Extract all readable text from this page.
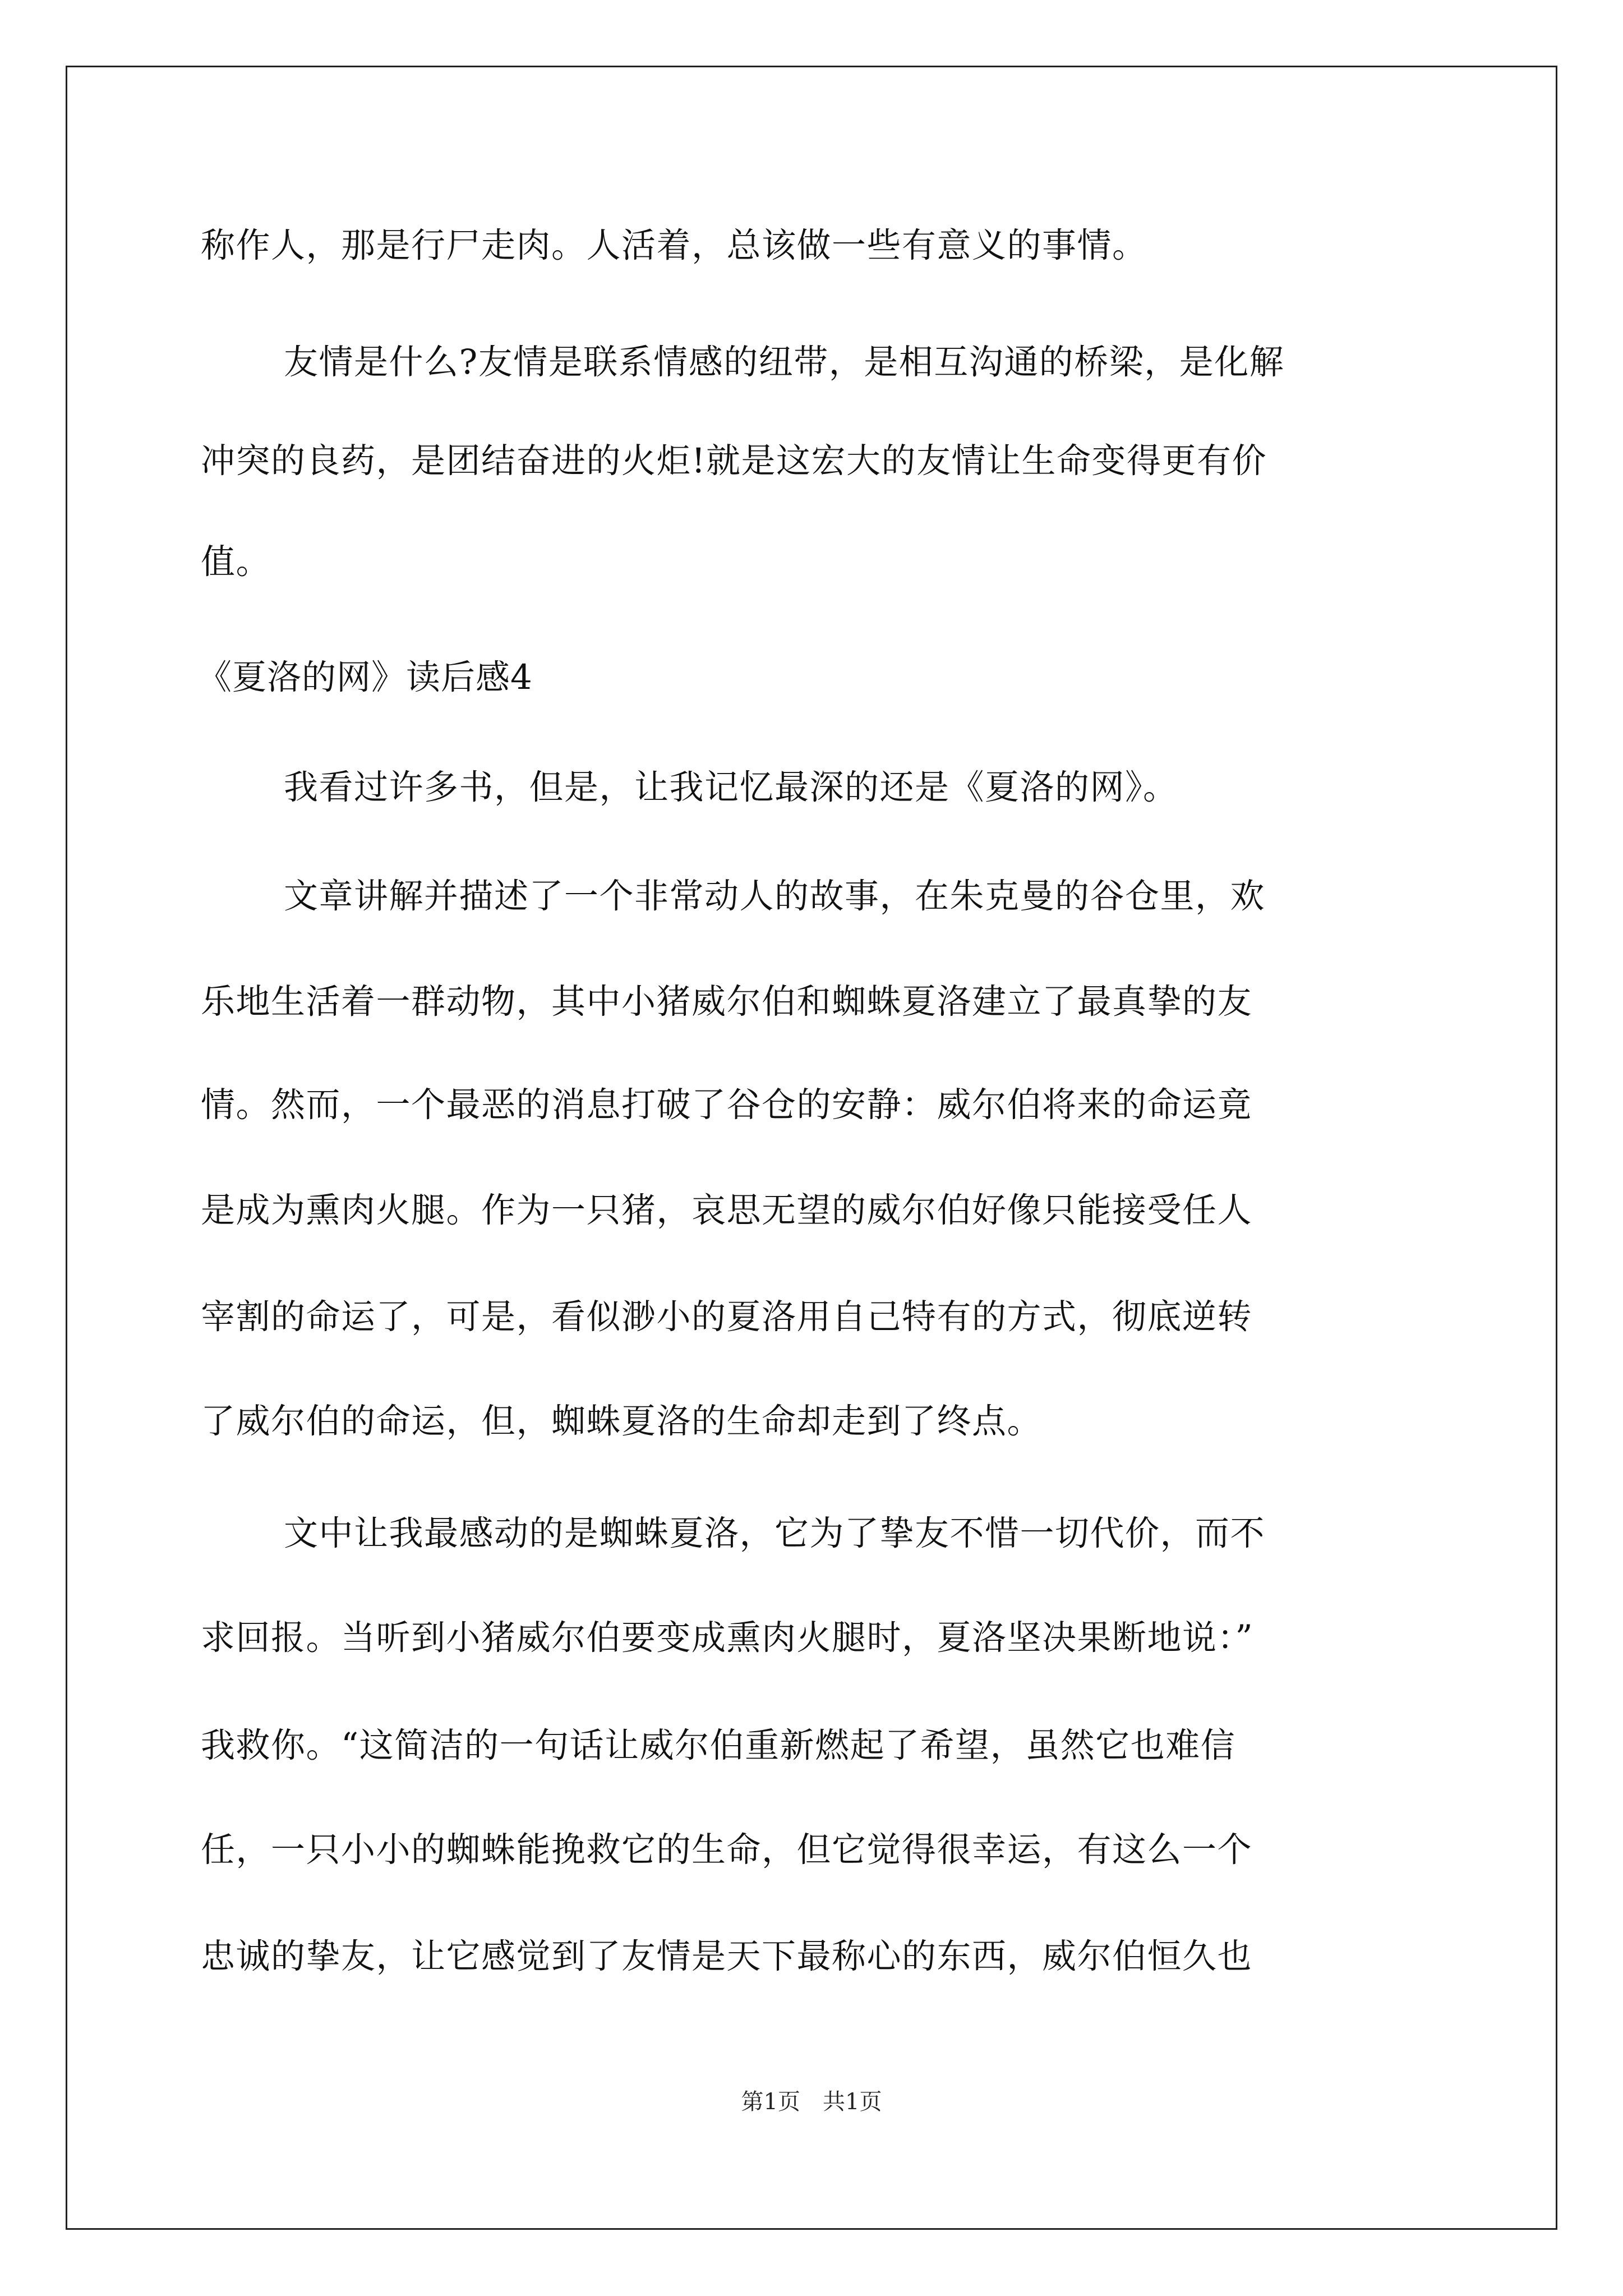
称作人，那是行尸走肉。人活着，总该做一些有意义的事情。
友情是什么?友情是联系情感的纽带，是相互沟通的桥梁，是化解
冲突的良药，是团结奋进的火炬!就是这宏大的友情让生命变得更有价
值。
《夏洛的网》读后感4
我看过许多书，但是，让我记忆最深的还是《夏洛的网》。
文章讲解并描述了一个非常动人的故事，在朱克曼的谷仓里，欢
乐地生活着一群动物，其中小猪威尔伯和蜘蛛夏洛建立了最真挚的友
情。然而，一个最恶的消息打破了谷仓的安静：威尔伯将来的命运竟
是成为熏肉火腿。作为一只猪，哀思无望的威尔伯好像只能接受任人
宰割的命运了，可是，看似渺小的夏洛用自己特有的方式，彻底逆转
了威尔伯的命运，但，蜘蛛夏洛的生命却走到了终点。
文中让我最感动的是蜘蛛夏洛，它为了挚友不惜一切代价，而不
求回报。当听到小猪威尔伯要变成熏肉火腿时，夏洛坚决果断地说：”
我救你。“这简洁的一句话让威尔伯重新燃起了希望，虽然它也难信
任，一只小小的蜘蛛能挽救它的生命，但它觉得很幸运，有这么一个
忠诚的挚友，让它感觉到了友情是天下最称心的东西，威尔伯恒久也
第1页　共1页
